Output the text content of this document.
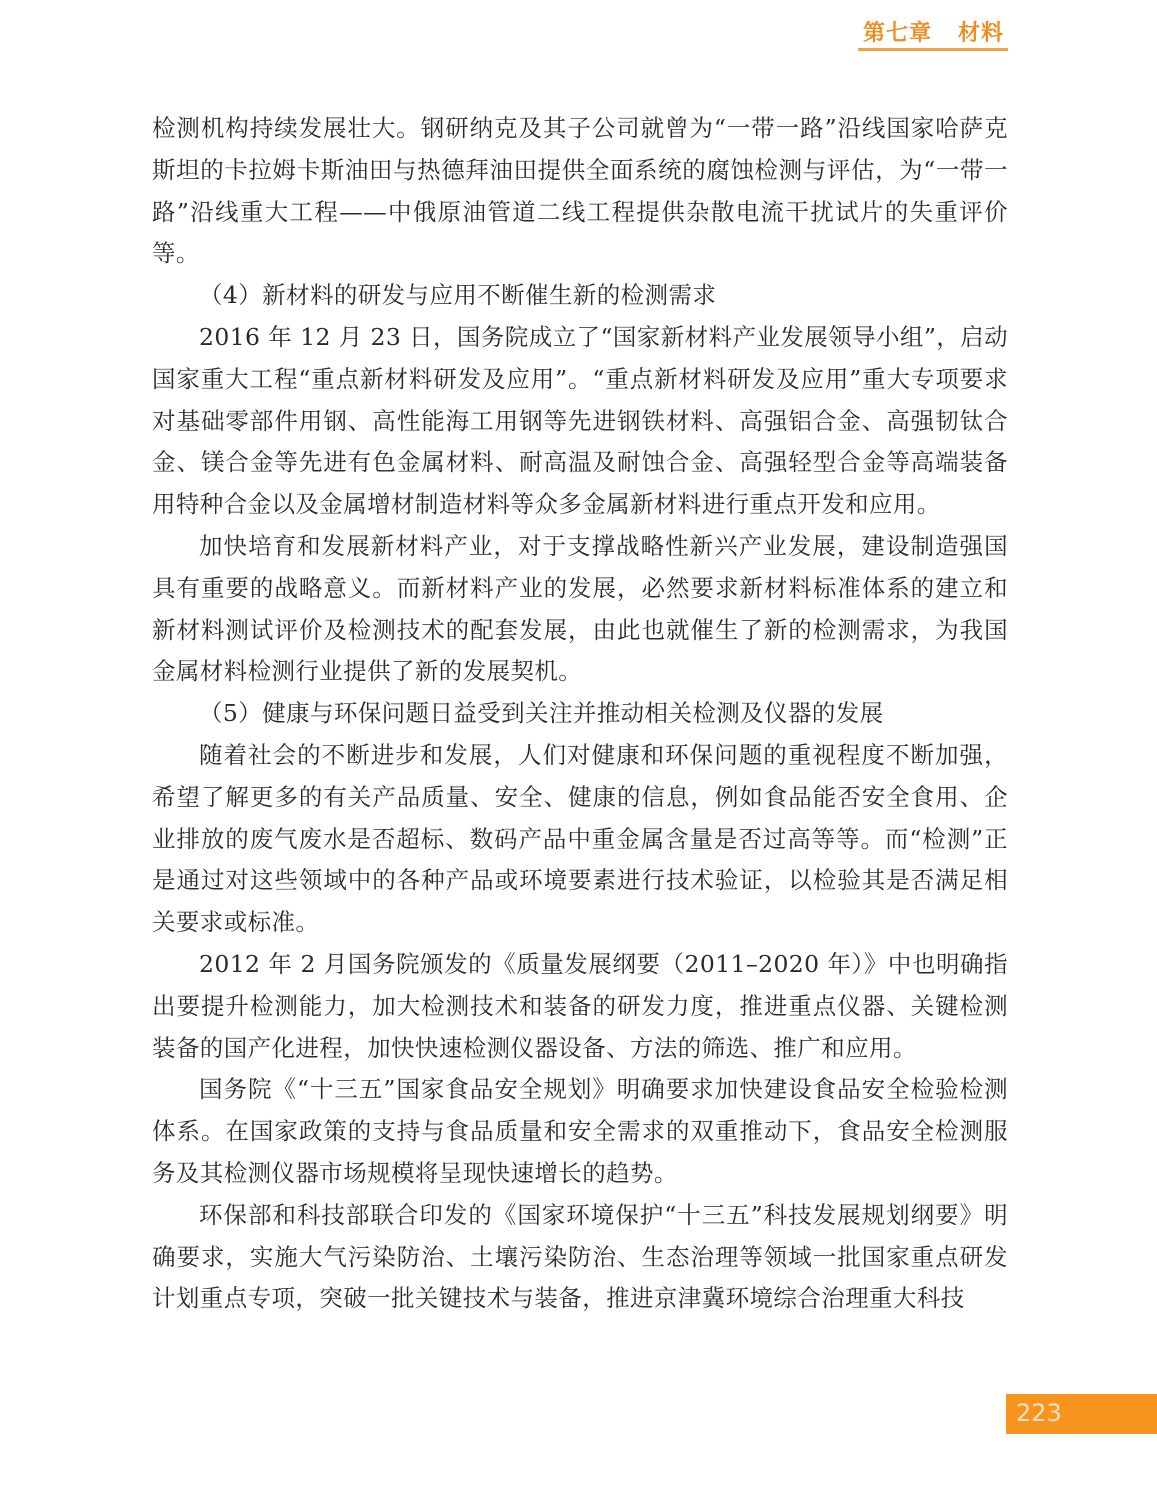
第七章   材料

检测机构持续发展壮大。钢研纳克及其子公司就曾为“一带一路”沿线国家哈萨克斯坦的卡拉姆卡斯油田与热德拜油田提供全面系统的腐蚀检测与评估，为“一带一路”沿线重大工程——中俄原油管道二线工程提供杂散电流干扰试片的失重评价等。

（4）新材料的研发与应用不断催生新的检测需求

2016 年 12 月 23 日，国务院成立了“国家新材料产业发展领导小组”，启动国家重大工程“重点新材料研发及应用”。“重点新材料研发及应用”重大专项要求对基础零部件用钢、高性能海工用钢等先进钢铁材料、高强铝合金、高强韧钛合金、镁合金等先进有色金属材料、耐高温及耐蚀合金、高强轻型合金等高端装备用特种合金以及金属增材制造材料等众多金属新材料进行重点开发和应用。

加快培育和发展新材料产业，对于支撑战略性新兴产业发展，建设制造强国具有重要的战略意义。而新材料产业的发展，必然要求新材料标准体系的建立和新材料测试评价及检测技术的配套发展，由此也就催生了新的检测需求，为我国金属材料检测行业提供了新的发展契机。

（5）健康与环保问题日益受到关注并推动相关检测及仪器的发展

随着社会的不断进步和发展，人们对健康和环保问题的重视程度不断加强，希望了解更多的有关产品质量、安全、健康的信息，例如食品能否安全食用、企业排放的废气废水是否超标、数码产品中重金属含量是否过高等等。而“检测”正是通过对这些领域中的各种产品或环境要素进行技术验证，以检验其是否满足相关要求或标准。

2012 年 2 月国务院颁发的《质量发展纲要（2011–2020 年）》中也明确指出要提升检测能力，加大检测技术和装备的研发力度，推进重点仪器、关键检测装备的国产化进程，加快快速检测仪器设备、方法的筛选、推广和应用。

国务院《“十三五”国家食品安全规划》明确要求加快建设食品安全检验检测体系。在国家政策的支持与食品质量和安全需求的双重推动下，食品安全检测服务及其检测仪器市场规模将呈现快速增长的趋势。

环保部和科技部联合印发的《国家环境保护“十三五”科技发展规划纲要》明确要求，实施大气污染防治、土壤污染防治、生态治理等领域一批国家重点研发计划重点专项，突破一批关键技术与装备，推进京津冀环境综合治理重大科技

223
